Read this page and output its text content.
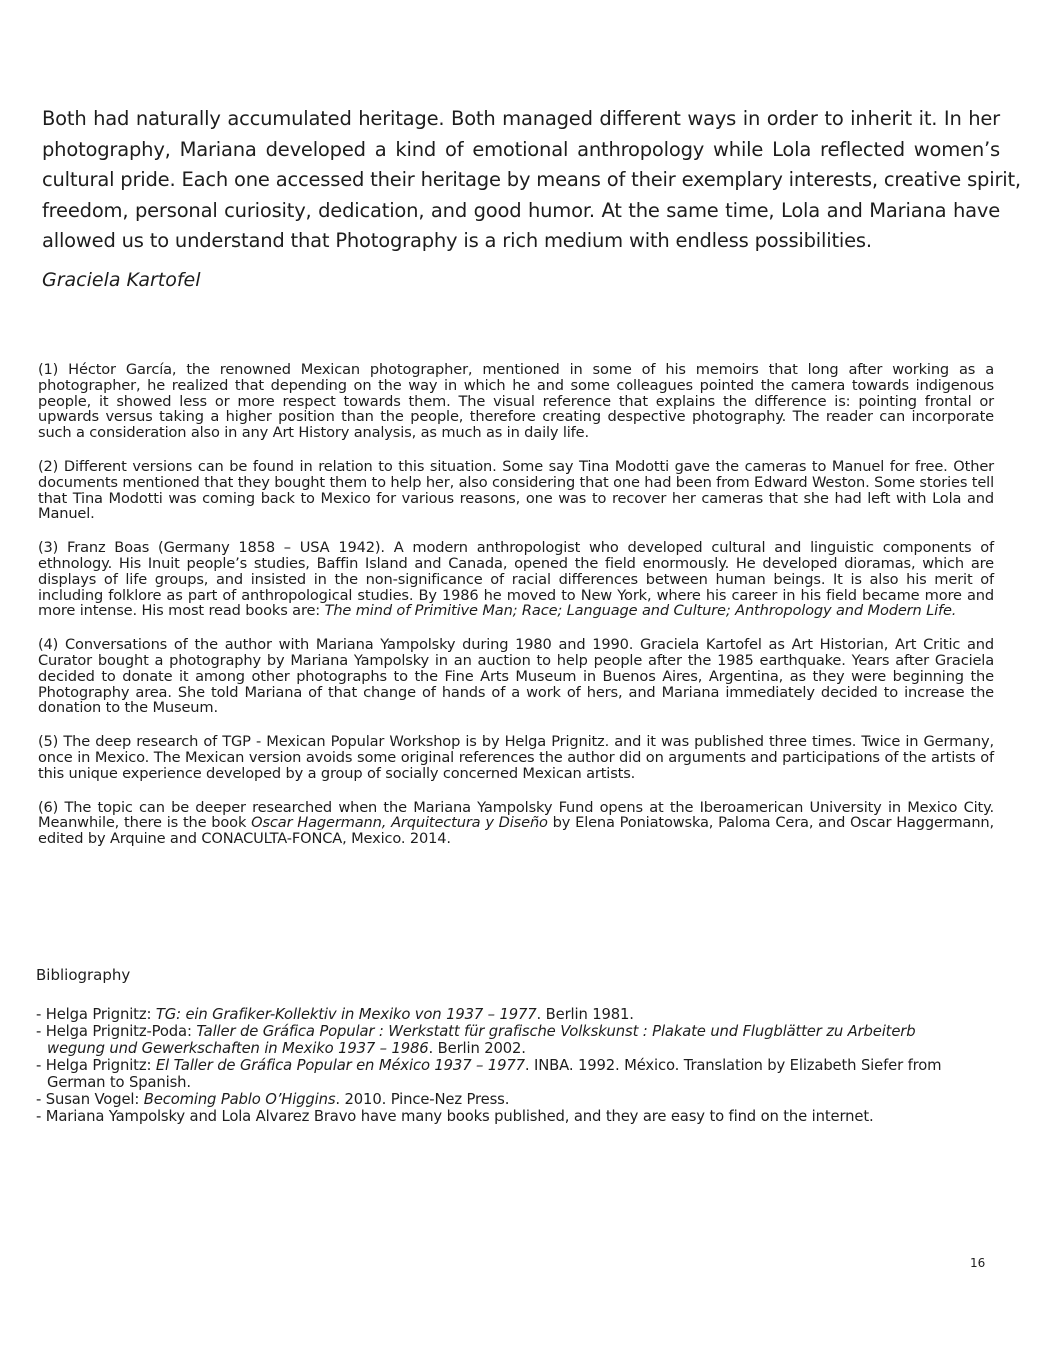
Both had naturally accumulated heritage. Both managed different ways in order to inherit it. In her
photography, Mariana developed a kind of emotional anthropology while Lola reflected women’s
cultural pride. Each one accessed their heritage by means of their exemplary interests, creative spirit,
freedom, personal curiosity, dedication, and good humor. At the same time, Lola and Mariana have
allowed us to understand that Photography is a rich medium with endless possibilities.

Graciela Kartofel

(1) Héctor García, the renowned Mexican photographer, mentioned in some of his memoirs that long after working as a photographer, he realized that depending on the way in which he and some colleagues pointed the camera towards indigenous people, it showed less or more respect towards them. The visual reference that explains the difference is: pointing frontal or upwards versus taking a higher position than the people, therefore creating despective photography. The reader can incorporate such a consideration also in any Art History analysis, as much as in daily life.

(2) Different versions can be found in relation to this situation. Some say Tina Modotti gave the cameras to Manuel for free. Other documents mentioned that they bought them to help her, also considering that one had been from Edward Weston. Some stories tell that Tina Modotti was coming back to Mexico for various reasons, one was to recover her cameras that she had left with Lola and Manuel.

(3) Franz Boas (Germany 1858 – USA 1942). A modern anthropologist who developed cultural and linguistic components of ethnology. His Inuit people’s studies, Baffin Island and Canada, opened the field enormously. He developed dioramas, which are displays of life groups, and insisted in the non-significance of racial differences between human beings. It is also his merit of including folklore as part of anthropological studies. By 1986 he moved to New York, where his career in his field became more and more intense. His most read books are: The mind of Primitive Man; Race; Language and Culture; Anthropology and Modern Life.

(4) Conversations of the author with Mariana Yampolsky during 1980 and 1990. Graciela Kartofel as Art Historian, Art Critic and Curator bought a photography by Mariana Yampolsky in an auction to help people after the 1985 earthquake. Years after Graciela decided to donate it among other photographs to the Fine Arts Museum in Buenos Aires, Argentina, as they were beginning the Photography area. She told Mariana of that change of hands of a work of hers, and Mariana immediately decided to increase the donation to the Museum.

(5) The deep research of TGP - Mexican Popular Workshop is by Helga Prignitz. and it was published three times. Twice in Germany, once in Mexico. The Mexican version avoids some original references the author did on arguments and participations of the artists of this unique experience developed by a group of socially concerned Mexican artists.

(6) The topic can be deeper researched when the Mariana Yampolsky Fund opens at the Iberoamerican University in Mexico City. Meanwhile, there is the book Oscar Hagermann, Arquitectura y Diseño by Elena Poniatowska, Paloma Cera, and Oscar Haggermann, edited by Arquine and CONACULTA-FONCA, Mexico. 2014.

Bibliography

- Helga Prignitz: TG: ein Grafiker-Kollektiv in Mexiko von 1937 – 1977. Berlin 1981.
- Helga Prignitz-Poda: Taller de Gráfica Popular : Werkstatt für grafische Volkskunst : Plakate und Flugblätter zu Arbeiterb wegung und Gewerkschaften in Mexiko 1937 – 1986. Berlin 2002.
- Helga Prignitz: El Taller de Gráfica Popular en México 1937 – 1977. INBA. 1992. México. Translation by Elizabeth Siefer from German to Spanish.
- Susan Vogel: Becoming Pablo O’Higgins. 2010. Pince-Nez Press.
- Mariana Yampolsky and Lola Alvarez Bravo have many books published, and they are easy to find on the internet.

16
